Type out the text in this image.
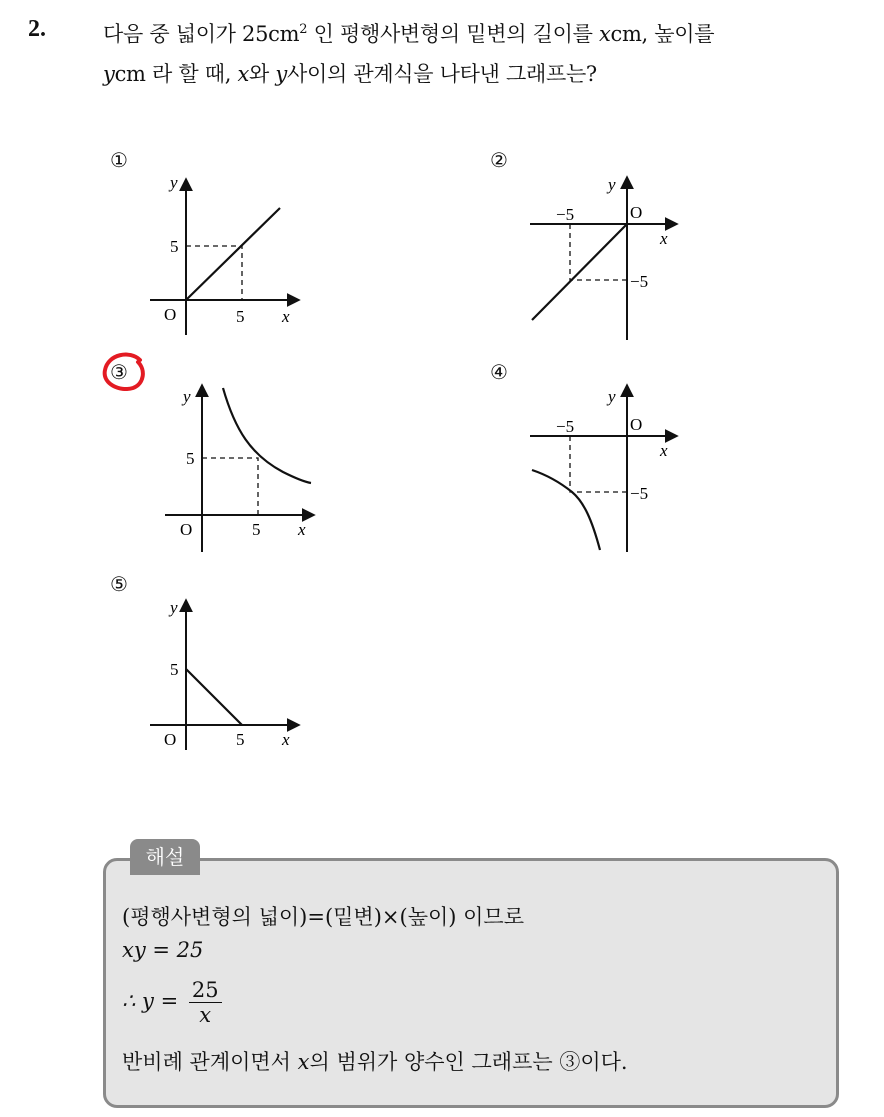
2.	다음 중 넓이가 $25cm^2$ 인 평행사변형의 밑변의 길이를 xcm, 높이를
ycm 라 할 때, x와 y사이의 관계식을 나타낸 그래프는?
①
y
5
O	5 x
②
y
O
−5
x
−5
③
y
5
O	5 x
④
y
O
−5
x
−5
⑤
y
5
O	5 x
해설
(평행사변형의 넓이)=(밑변)×(높이) 이므로
xy = 25
∴ $y = \frac{25}{x}$
반비례 관계이면서 x의 범위가 양수인 그래프는 ③이다.
